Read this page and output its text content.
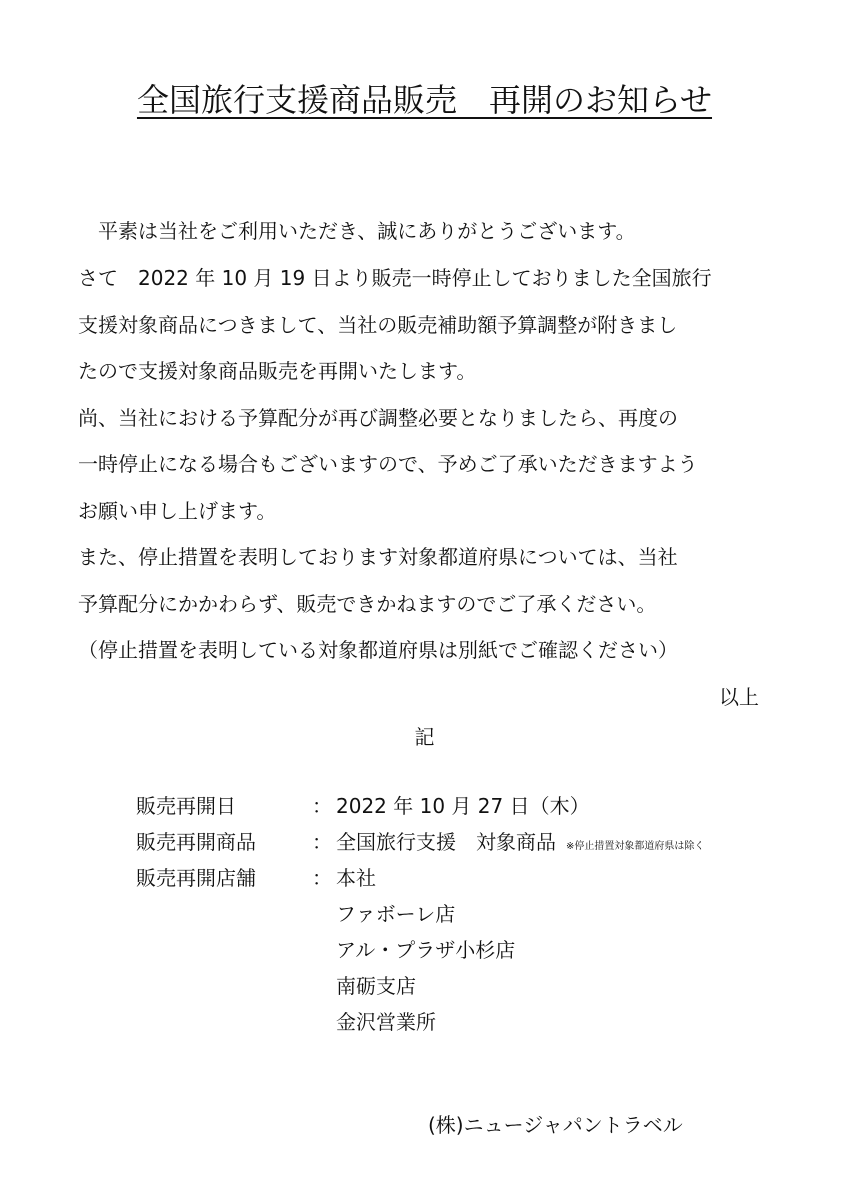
全国旅行支援商品販売　再開のお知らせ
　平素は当社をご利用いただき、誠にありがとうございます。
さて　2022 年 10 月 19 日より販売一時停止しておりました全国旅行
支援対象商品につきまして、当社の販売補助額予算調整が附きまし
たので支援対象商品販売を再開いたします。
尚、当社における予算配分が再び調整必要となりましたら、再度の
一時停止になる場合もございますので、予めご了承いただきますよう
お願い申し上げます。
また、停止措置を表明しております対象都道府県については、当社
予算配分にかかわらず、販売できかねますのでご了承ください。
（停止措置を表明している対象都道府県は別紙でご確認ください）
以上
記
販売再開日	： 2022 年 10 月 27 日（木）
販売再開商品	： 全国旅行支援　対象商品 ※停止措置対象都道府県は除く
販売再開店舗	： 本社
ファボーレ店
アル・プラザ小杉店
南砺支店
金沢営業所
(株)ニュージャパントラベル
